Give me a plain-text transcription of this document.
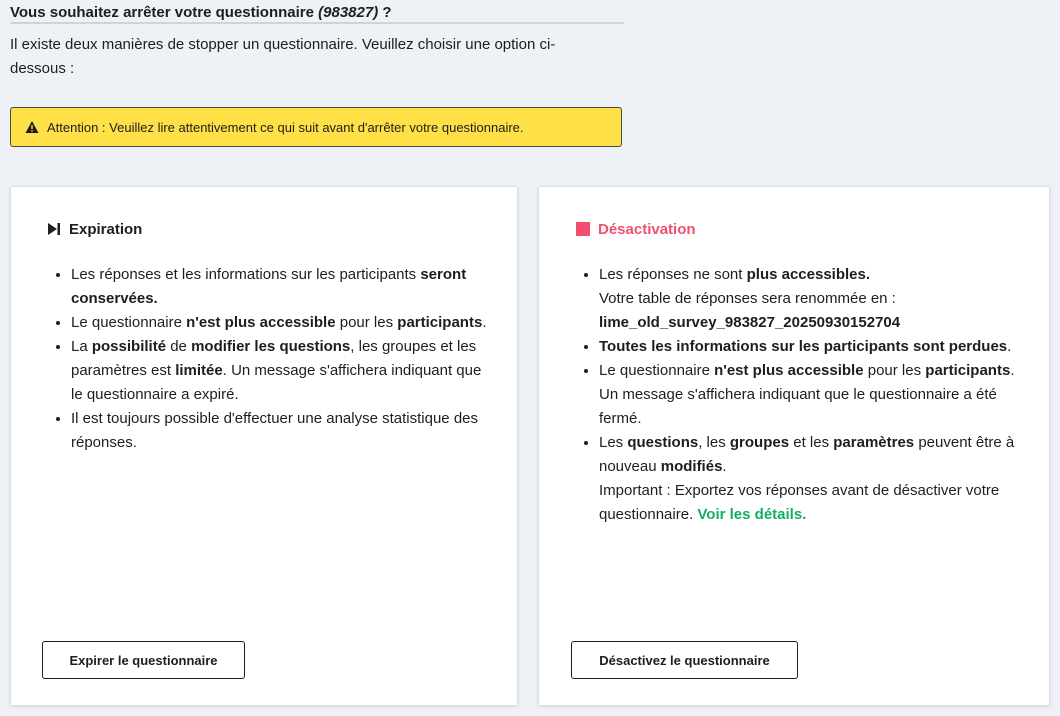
Vous souhaitez arrêter votre questionnaire (983827) ?
Il existe deux manières de stopper un questionnaire. Veuillez choisir une option ci-dessous :
Attention : Veuillez lire attentivement ce qui suit avant d'arrêter votre questionnaire.
Expiration
• Les réponses et les informations sur les participants seront conservées.
• Le questionnaire n'est plus accessible pour les participants.
• La possibilité de modifier les questions, les groupes et les paramètres est limitée. Un message s'affichera indiquant que le questionnaire a expiré.
• Il est toujours possible d'effectuer une analyse statistique des réponses.
Expirer le questionnaire
Désactivation
• Les réponses ne sont plus accessibles.
Votre table de réponses sera renommée en :
lime_old_survey_983827_20250930152704
• Toutes les informations sur les participants sont perdues.
• Le questionnaire n'est plus accessible pour les participants. Un message s'affichera indiquant que le questionnaire a été fermé.
• Les questions, les groupes et les paramètres peuvent être à nouveau modifiés.
Important : Exportez vos réponses avant de désactiver votre questionnaire. Voir les détails.
Désactivez le questionnaire
